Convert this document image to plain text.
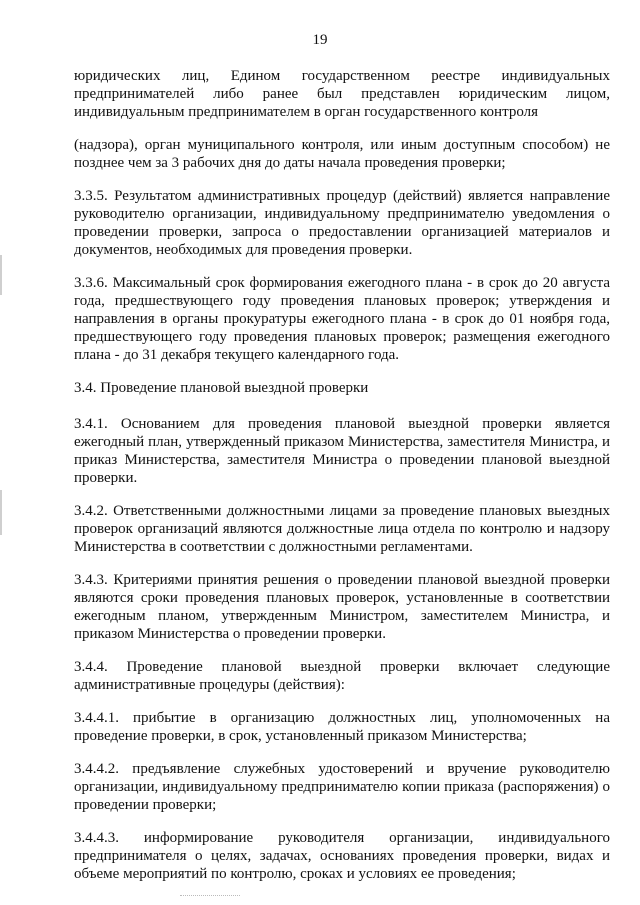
19

юридических лиц, Едином государственном реестре индивидуальных предпринимателей либо ранее был представлен юридическим лицом, индивидуальным предпринимателем в орган государственного контроля

(надзора), орган муниципального контроля, или иным доступным способом) не позднее чем за 3 рабочих дня до даты начала проведения проверки;

3.3.5. Результатом административных процедур (действий) является направление руководителю организации, индивидуальному предпринимателю уведомления о проведении проверки, запроса о предоставлении организацией материалов и документов, необходимых для проведения проверки.

3.3.6. Максимальный срок формирования ежегодного плана - в срок до 20 августа года, предшествующего году проведения плановых проверок; утверждения и направления в органы прокуратуры ежегодного плана - в срок до 01 ноября года, предшествующего году проведения плановых проверок; размещения ежегодного плана - до 31 декабря текущего календарного года.

3.4. Проведение плановой выездной проверки

3.4.1. Основанием для проведения плановой выездной проверки является ежегодный план, утвержденный приказом Министерства, заместителя Министра, и приказ Министерства, заместителя Министра о проведении плановой выездной проверки.

3.4.2. Ответственными должностными лицами за проведение плановых выездных проверок организаций являются должностные лица отдела по контролю и надзору Министерства в соответствии с должностными регламентами.

3.4.3. Критериями принятия решения о проведении плановой выездной проверки являются сроки проведения плановых проверок, установленные в соответствии ежегодным планом, утвержденным Министром, заместителем Министра, и приказом Министерства о проведении проверки.

3.4.4. Проведение плановой выездной проверки включает следующие административные процедуры (действия):

3.4.4.1. прибытие в организацию должностных лиц, уполномоченных на проведение проверки, в срок, установленный приказом Министерства;

3.4.4.2. предъявление служебных удостоверений и вручение руководителю организации, индивидуальному предпринимателю копии приказа (распоряжения) о проведении проверки;

3.4.4.3. информирование руководителя организации, индивидуального предпринимателя о целях, задачах, основаниях проведения проверки, видах и объеме мероприятий по контролю, сроках и условиях ее проведения;
